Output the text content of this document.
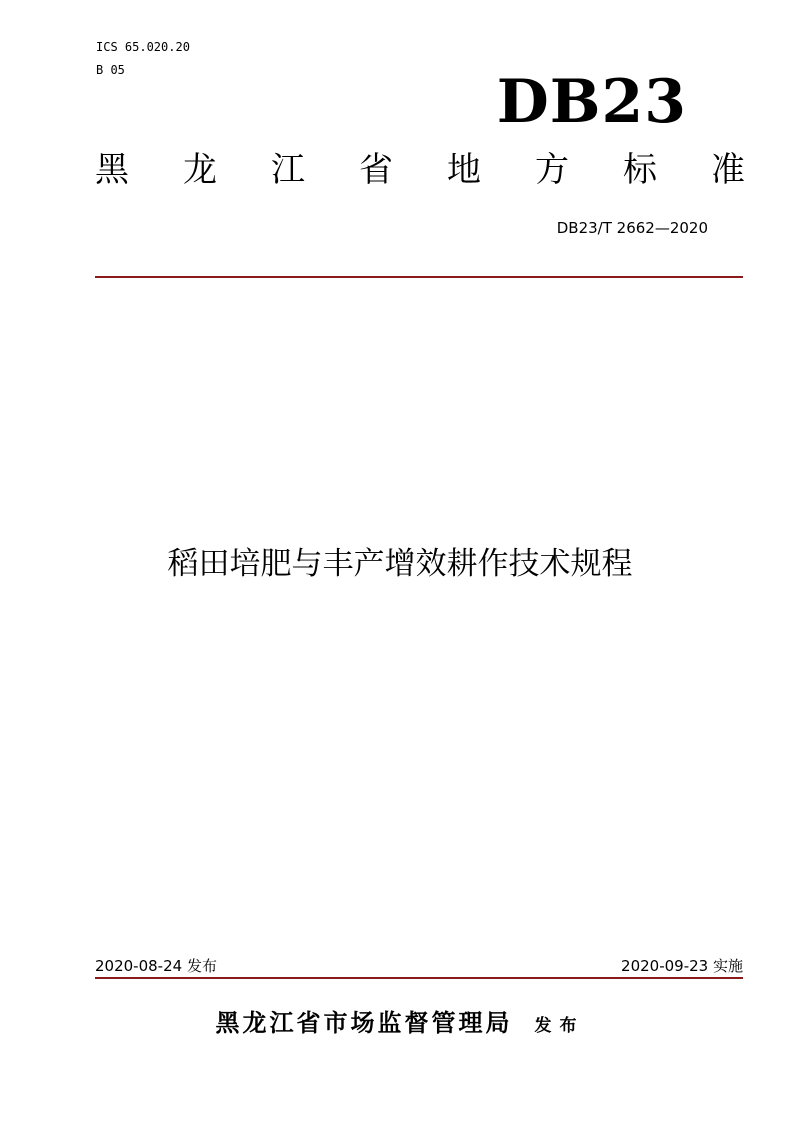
ICS 65.020.20
B 05	DB23
黑 龙 江 省 地 方 标 准
DB23/T 2662—2020
稻田培肥与丰产增效耕作技术规程
2020-08-24 发布	2020-09-23 实施
黑龙江省市场监督管理局 发布
